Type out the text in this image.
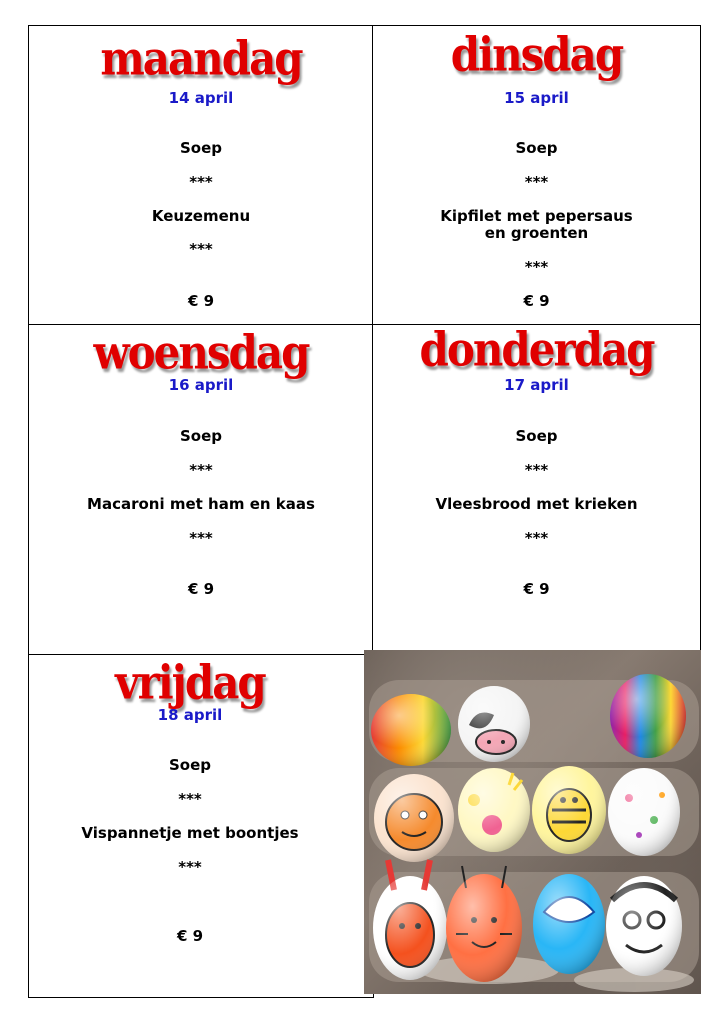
maandag
14 april
Soep
***
Keuzemenu
***
€ 9
dinsdag
15 april
Soep
***
Kipfilet met pepersaus
en groenten
***
€ 9
woensdag
16 april
Soep
***
Macaroni met ham en kaas
***
€ 9
donderdag
17 april
Soep
***
Vleesbrood met krieken
***
€ 9
vrijdag
18 april
Soep
***
Vispannetje met boontjes
***
€ 9
